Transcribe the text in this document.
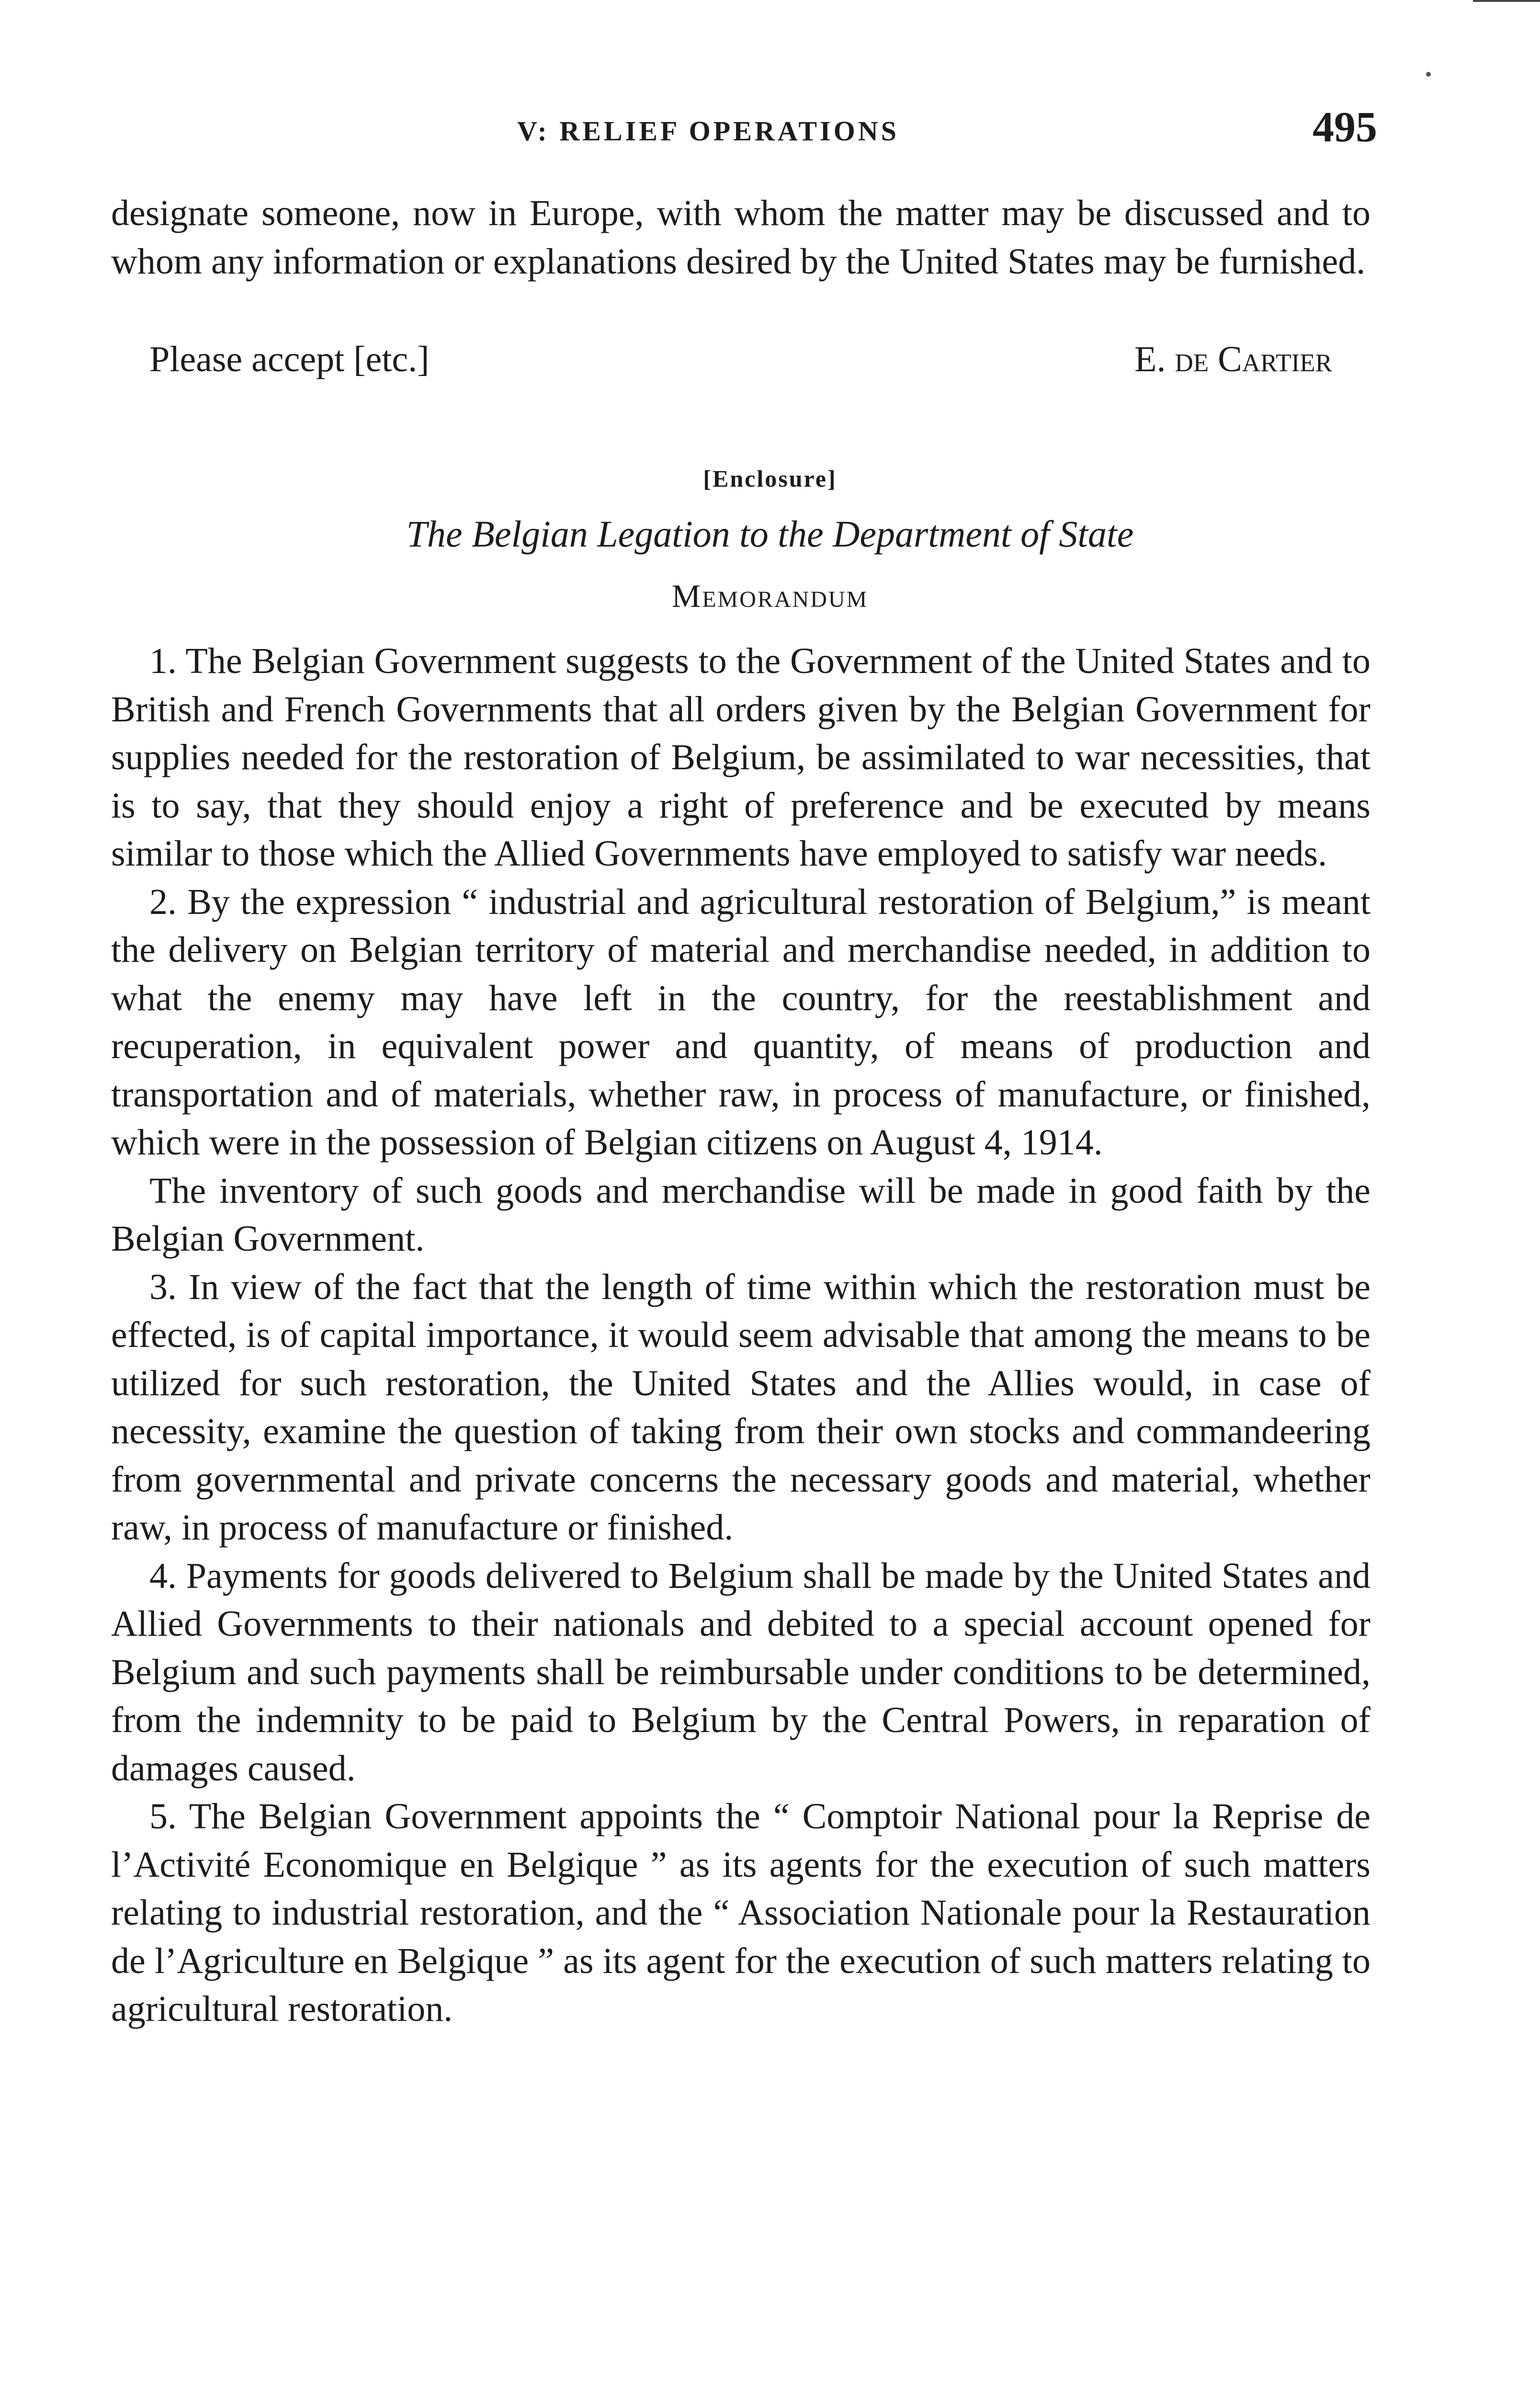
V: RELIEF OPERATIONS	495

designate someone, now in Europe, with whom the matter may be discussed and to whom any information or explanations desired by the United States may be furnished.

Please accept [etc.]	E. de Cartier
[Enclosure]
The Belgian Legation to the Department of State
Memorandum

1. The Belgian Government suggests to the Government of the United States and to British and French Governments that all orders given by the Belgian Government for supplies needed for the restoration of Belgium, be assimilated to war necessities, that is to say, that they should enjoy a right of preference and be executed by means similar to those which the Allied Governments have employed to satisfy war needs.

2. By the expression “ industrial and agricultural restoration of Belgium,” is meant the delivery on Belgian territory of material and merchandise needed, in addition to what the enemy may have left in the country, for the reestablishment and recuperation, in equivalent power and quantity, of means of production and transportation and of materials, whether raw, in process of manufacture, or finished, which were in the possession of Belgian citizens on August 4, 1914.

The inventory of such goods and merchandise will be made in good faith by the Belgian Government.

3. In view of the fact that the length of time within which the restoration must be effected, is of capital importance, it would seem advisable that among the means to be utilized for such restoration, the United States and the Allies would, in case of necessity, examine the question of taking from their own stocks and commandeering from governmental and private concerns the necessary goods and material, whether raw, in process of manufacture or finished.

4. Payments for goods delivered to Belgium shall be made by the United States and Allied Governments to their nationals and debited to a special account opened for Belgium and such payments shall be reimbursable under conditions to be determined, from the indemnity to be paid to Belgium by the Central Powers, in reparation of damages caused.

5. The Belgian Government appoints the “ Comptoir National pour la Reprise de l’Activité Economique en Belgique ” as its agents for the execution of such matters relating to industrial restoration, and the “ Association Nationale pour la Restauration de l’Agriculture en Belgique ” as its agent for the execution of such matters relating to agricultural restoration.
